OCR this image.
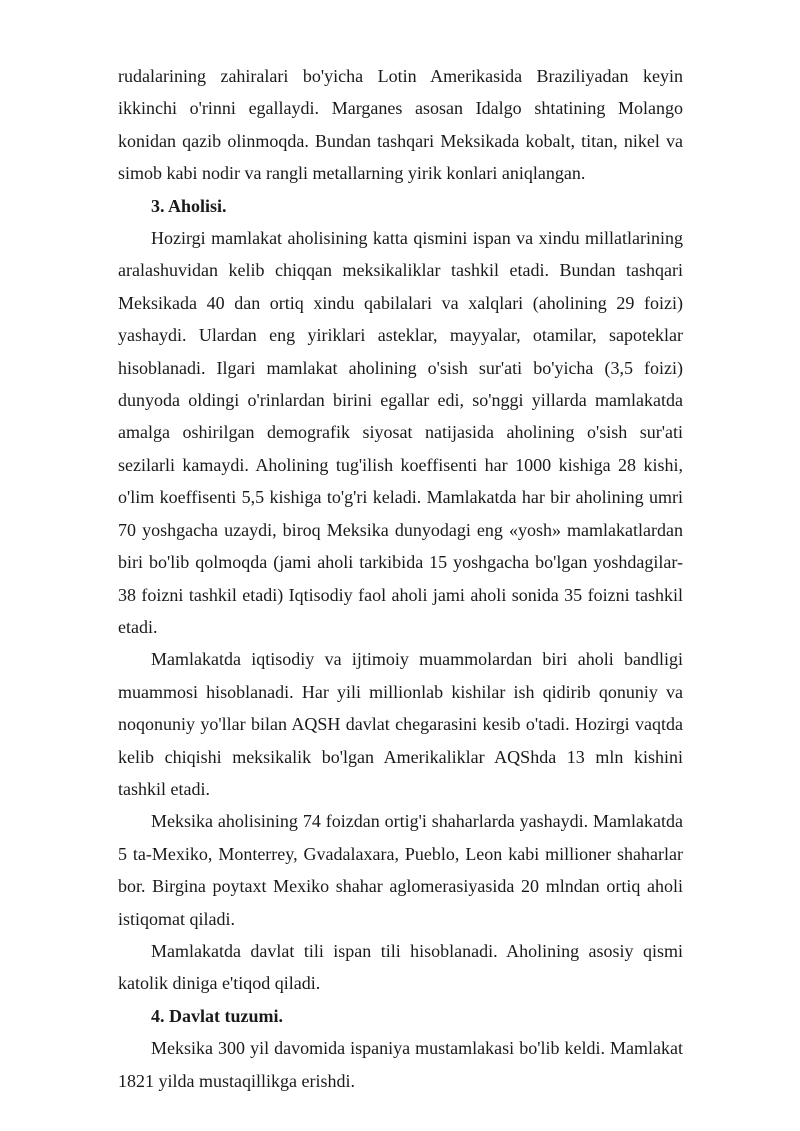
rudalarining zahiralari bo'yicha Lotin Amerikasida Braziliyadan keyin ikkinchi o'rinni egallaydi. Marganes asosan Idalgo shtatining Molango konidan qazib olinmoqda. Bundan tashqari Meksikada kobalt, titan, nikel va simob kabi nodir va rangli metallarning yirik konlari aniqlangan.

3. Aholisi.

Hozirgi mamlakat aholisining katta qismini ispan va xindu millatlarining aralashuvidan kelib chiqqan meksikaliklar tashkil etadi. Bundan tashqari Meksikada 40 dan ortiq xindu qabilalari va xalqlari (aholining 29 foizi) yashaydi. Ulardan eng yiriklari asteklar, mayyalar, otamilar, sapoteklar hisoblanadi. Ilgari mamlakat aholining o'sish sur'ati bo'yicha (3,5 foizi) dunyoda oldingi o'rinlardan birini egallar edi, so'nggi yillarda mamlakatda amalga oshirilgan demografik siyosat natijasida aholining o'sish sur'ati sezilarli kamaydi. Aholining tug'ilish koeffisenti har 1000 kishiga 28 kishi, o'lim koeffisenti 5,5 kishiga to'g'ri keladi. Mamlakatda har bir aholining umri 70 yoshgacha uzaydi, biroq Meksika dunyodagi eng «yosh» mamlakatlardan biri bo'lib qolmoqda (jami aholi tarkibida 15 yoshgacha bo'lgan yoshdagilar-38 foizni tashkil etadi) Iqtisodiy faol aholi jami aholi sonida 35 foizni tashkil etadi.

Mamlakatda iqtisodiy va ijtimoiy muammolardan biri aholi bandligi muammosi hisoblanadi. Har yili millionlab kishilar ish qidirib qonuniy va noqonuniy yo'llar bilan AQSH davlat chegarasini kesib o'tadi. Hozirgi vaqtda kelib chiqishi meksikalik bo'lgan Amerikaliklar AQShda 13 mln kishini tashkil etadi.

Meksika aholisining 74 foizdan ortig'i shaharlarda yashaydi. Mamlakatda 5 ta-Mexiko, Monterrey, Gvadalaxara, Pueblo, Leon kabi millioner shaharlar bor. Birgina poytaxt Mexiko shahar aglomerasiyasida 20 mlndan ortiq aholi istiqomat qiladi.

Mamlakatda davlat tili ispan tili hisoblanadi. Aholining asosiy qismi katolik diniga e'tiqod qiladi.

4. Davlat tuzumi.

Meksika 300 yil davomida ispaniya mustamlakasi bo'lib keldi. Mamlakat 1821 yilda mustaqillikga erishdi.
